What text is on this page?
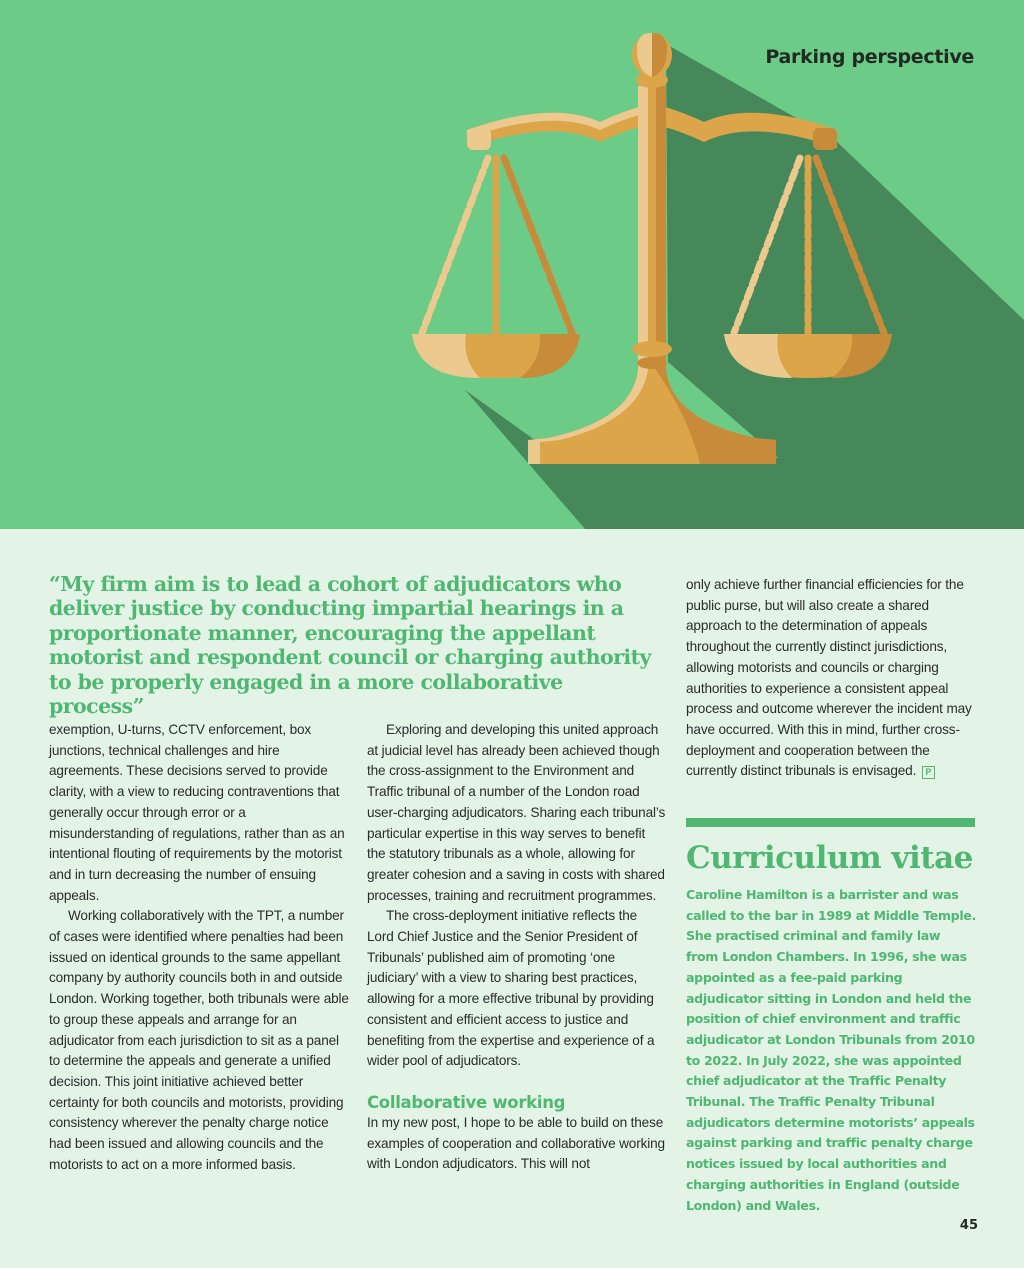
Parking perspective
“My firm aim is to lead a cohort of adjudicators who deliver justice by conducting impartial hearings in a proportionate manner, encouraging the appellant motorist and respondent council or charging authority to be properly engaged in a more collaborative process”

exemption, U-turns, CCTV enforcement, box junctions, technical challenges and hire agreements. These decisions served to provide clarity, with a view to reducing contraventions that generally occur through error or a misunderstanding of regulations, rather than as an intentional flouting of requirements by the motorist and in turn decreasing the number of ensuing appeals.

Working collaboratively with the TPT, a number of cases were identified where penalties had been issued on identical grounds to the same appellant company by authority councils both in and outside London. Working together, both tribunals were able to group these appeals and arrange for an adjudicator from each jurisdiction to sit as a panel to determine the appeals and generate a unified decision. This joint initiative achieved better certainty for both councils and motorists, providing consistency wherever the penalty charge notice had been issued and allowing councils and the motorists to act on a more informed basis.

Exploring and developing this united approach at judicial level has already been achieved though the cross-assignment to the Environment and Traffic tribunal of a number of the London road user-charging adjudicators. Sharing each tribunal’s particular expertise in this way serves to benefit the statutory tribunals as a whole, allowing for greater cohesion and a saving in costs with shared processes, training and recruitment programmes.

The cross-deployment initiative reflects the Lord Chief Justice and the Senior President of Tribunals’ published aim of promoting ‘one judiciary’ with a view to sharing best practices, allowing for a more effective tribunal by providing consistent and efficient access to justice and benefiting from the expertise and experience of a wider pool of adjudicators.

Collaborative working

In my new post, I hope to be able to build on these examples of cooperation and collaborative working with London adjudicators. This will not

only achieve further financial efficiencies for the public purse, but will also create a shared approach to the determination of appeals throughout the currently distinct jurisdictions, allowing motorists and councils or charging authorities to experience a consistent appeal process and outcome wherever the incident may have occurred. With this in mind, further cross-deployment and cooperation between the currently distinct tribunals is envisaged. P

Curriculum vitae
Caroline Hamilton is a barrister and was called to the bar in 1989 at Middle Temple. She practised criminal and family law from London Chambers. In 1996, she was appointed as a fee-paid parking adjudicator sitting in London and held the position of chief environment and traffic adjudicator at London Tribunals from 2010 to 2022. In July 2022, she was appointed chief adjudicator at the Traffic Penalty Tribunal. The Traffic Penalty Tribunal adjudicators determine motorists’ appeals against parking and traffic penalty charge notices issued by local authorities and charging authorities in England (outside London) and Wales.
45
